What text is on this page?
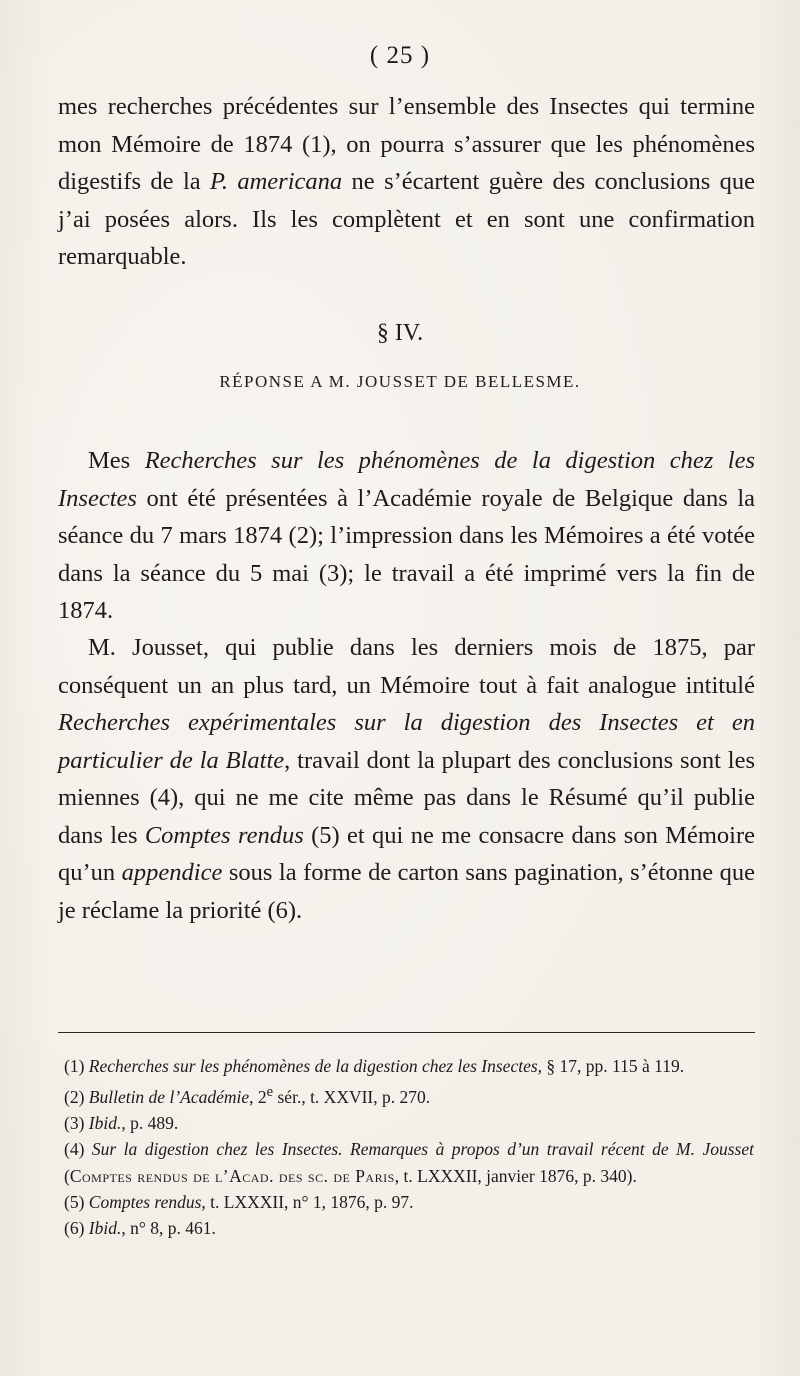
( 25 )

mes recherches précédentes sur l’ensemble des Insectes qui termine mon Mémoire de 1874 (1), on pourra s’assurer que les phénomènes digestifs de la P. americana ne s’écartent guère des conclusions que j’ai posées alors. Ils les complètent et en sont une confirmation remarquable.

§ IV.
RÉPONSE A M. JOUSSET DE BELLESME.

Mes Recherches sur les phénomènes de la digestion chez les Insectes ont été présentées à l’Académie royale de Belgique dans la séance du 7 mars 1874 (2); l’impression dans les Mémoires a été votée dans la séance du 5 mai (3); le travail a été imprimé vers la fin de 1874.

M. Jousset, qui publie dans les derniers mois de 1875, par conséquent un an plus tard, un Mémoire tout à fait analogue intitulé Recherches expérimentales sur la digestion des Insectes et en particulier de la Blatte, travail dont la plupart des conclusions sont les miennes (4), qui ne me cite même pas dans le Résumé qu’il publie dans les Comptes rendus (5) et qui ne me consacre dans son Mémoire qu’un appendice sous la forme de carton sans pagination, s’étonne que je réclame la priorité (6).

(1) Recherches sur les phénomènes de la digestion chez les Insectes, § 17, pp. 115 à 119.
(2) Bulletin de l’Académie, 2e sér., t. XXVII, p. 270.
(3) Ibid., p. 489.
(4) Sur la digestion chez les Insectes. Remarques à propos d’un travail récent de M. Jousset (Comptes rendus de l’Acad. des sc. de Paris, t. LXXXII, janvier 1876, p. 340).
(5) Comptes rendus, t. LXXXII, n° 1, 1876, p. 97.
(6) Ibid., n° 8, p. 461.
